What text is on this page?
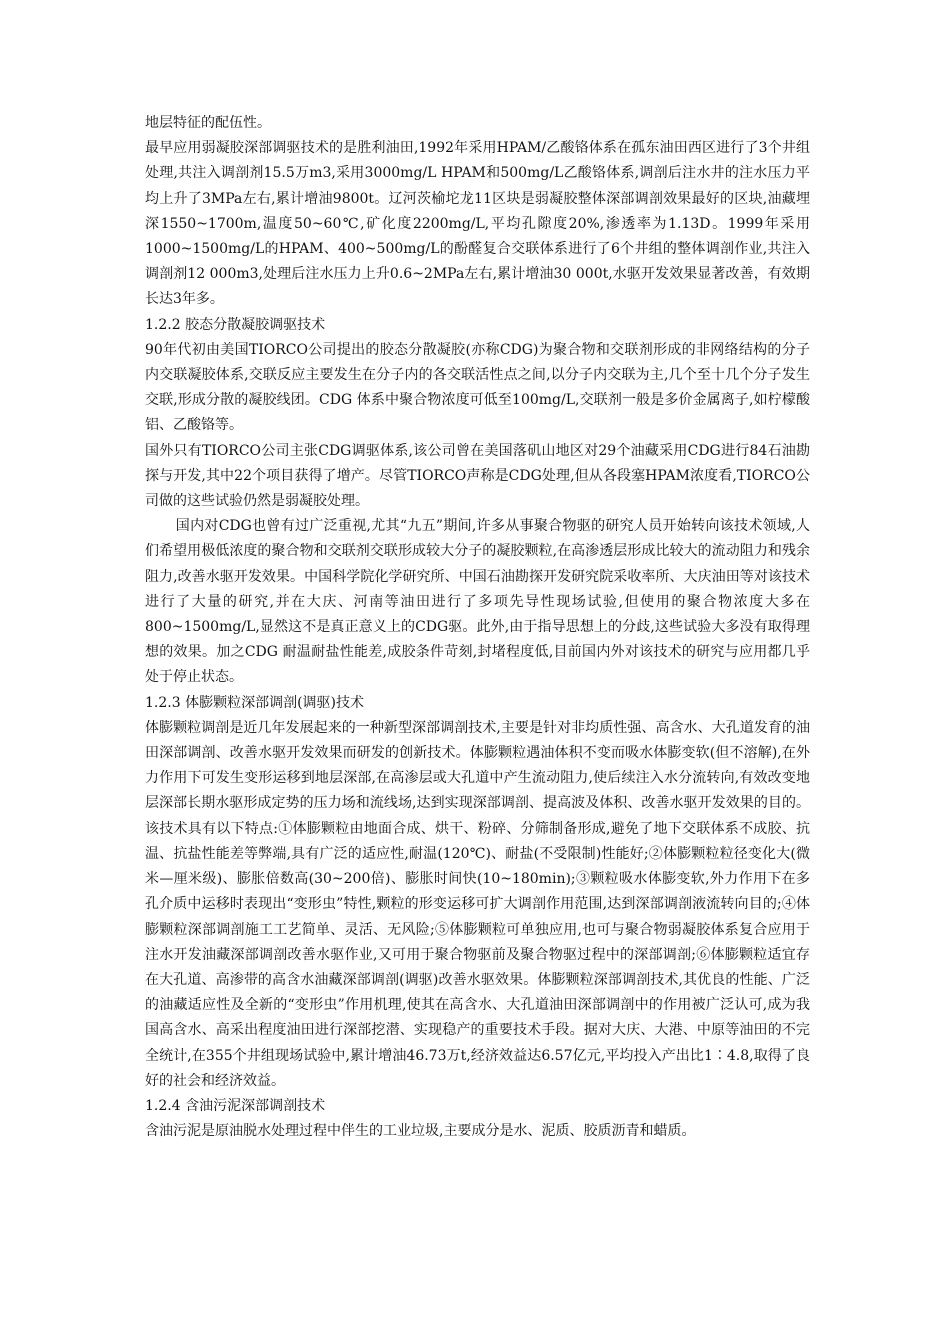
地层特征的配伍性。

最早应用弱凝胶深部调驱技术的是胜利油田,1992年采用HPAM/乙酸铬体系在孤东油田西区进行了3个井组处理,共注入调剖剂15.5万m3,采用3000mg/L HPAM和500mg/L乙酸铬体系,调剖后注水井的注水压力平均上升了3MPa左右,累计增油9800t。辽河茨榆坨龙11区块是弱凝胶整体深部调剖效果最好的区块,油藏埋深1550~1700m,温度50~60℃,矿化度2200mg/L,平均孔隙度20%,渗透率为1.13D。1999年采用1000~1500mg/L的HPAM、400~500mg/L的酚醛复合交联体系进行了6个井组的整体调剖作业,共注入调剖剂12 000m3,处理后注水压力上升0.6~2MPa左右,累计增油30 000t,水驱开发效果显著改善，有效期长达3年多。

1.2.2 胶态分散凝胶调驱技术

90年代初由美国TIORCO公司提出的胶态分散凝胶(亦称CDG)为聚合物和交联剂形成的非网络结构的分子内交联凝胶体系,交联反应主要发生在分子内的各交联活性点之间,以分子内交联为主,几个至十几个分子发生交联,形成分散的凝胶线团。CDG 体系中聚合物浓度可低至100mg/L,交联剂一般是多价金属离子,如柠檬酸铝、乙酸铬等。

国外只有TIORCO公司主张CDG调驱体系,该公司曾在美国落矶山地区对29个油藏采用CDG进行84石油勘探与开发,其中22个项目获得了增产。尽管TIORCO声称是CDG处理,但从各段塞HPAM浓度看,TIORCO公司做的这些试验仍然是弱凝胶处理。

国内对CDG也曾有过广泛重视,尤其“九五”期间,许多从事聚合物驱的研究人员开始转向该技术领域,人们希望用极低浓度的聚合物和交联剂交联形成较大分子的凝胶颗粒,在高渗透层形成比较大的流动阻力和残余阻力,改善水驱开发效果。中国科学院化学研究所、中国石油勘探开发研究院采收率所、大庆油田等对该技术进行了大量的研究,并在大庆、河南等油田进行了多项先导性现场试验,但使用的聚合物浓度大多在 800~1500mg/L,显然这不是真正意义上的CDG驱。此外,由于指导思想上的分歧,这些试验大多没有取得理想的效果。加之CDG 耐温耐盐性能差,成胶条件苛刻,封堵程度低,目前国内外对该技术的研究与应用都几乎处于停止状态。

1.2.3 体膨颗粒深部调剖(调驱)技术

体膨颗粒调剖是近几年发展起来的一种新型深部调剖技术,主要是针对非均质性强、高含水、大孔道发育的油田深部调剖、改善水驱开发效果而研发的创新技术。体膨颗粒遇油体积不变而吸水体膨变软(但不溶解),在外力作用下可发生变形运移到地层深部,在高渗层或大孔道中产生流动阻力,使后续注入水分流转向,有效改变地层深部长期水驱形成定势的压力场和流线场,达到实现深部调剖、提高波及体积、改善水驱开发效果的目的。该技术具有以下特点:①体膨颗粒由地面合成、烘干、粉碎、分筛制备形成,避免了地下交联体系不成胶、抗温、抗盐性能差等弊端,具有广泛的适应性,耐温(120℃)、耐盐(不受限制)性能好;②体膨颗粒粒径变化大(微米—厘米级)、膨胀倍数高(30~200倍)、膨胀时间快(10~180min);③颗粒吸水体膨变软,外力作用下在多孔介质中运移时表现出“变形虫”特性,颗粒的形变运移可扩大调剖作用范围,达到深部调剖液流转向目的;④体膨颗粒深部调剖施工工艺简单、灵活、无风险;⑤体膨颗粒可单独应用,也可与聚合物弱凝胶体系复合应用于注水开发油藏深部调剖改善水驱作业,又可用于聚合物驱前及聚合物驱过程中的深部调剖;⑥体膨颗粒适宜存在大孔道、高渗带的高含水油藏深部调剖(调驱)改善水驱效果。体膨颗粒深部调剖技术,其优良的性能、广泛的油藏适应性及全新的“变形虫”作用机理,使其在高含水、大孔道油田深部调剖中的作用被广泛认可,成为我国高含水、高采出程度油田进行深部挖潜、实现稳产的重要技术手段。据对大庆、大港、中原等油田的不完全统计,在355个井组现场试验中,累计增油46.73万t,经济效益达6.57亿元,平均投入产出比1∶4.8,取得了良好的社会和经济效益。

1.2.4 含油污泥深部调剖技术

含油污泥是原油脱水处理过程中伴生的工业垃圾,主要成分是水、泥质、胶质沥青和蜡质。
